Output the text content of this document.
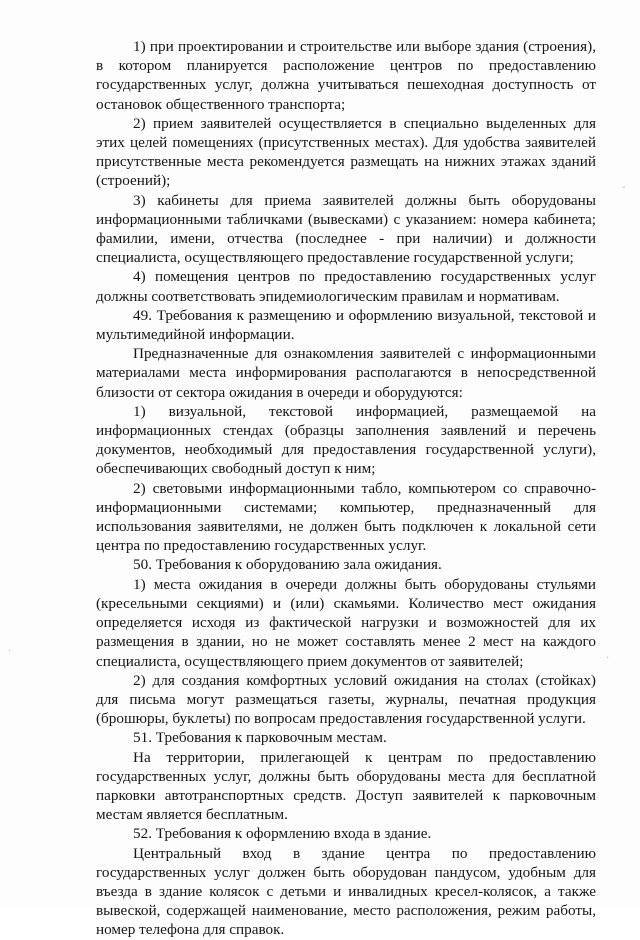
1) при проектировании и строительстве или выборе здания (строения), в котором планируется расположение центров по предоставлению государственных услуг, должна учитываться пешеходная доступность от остановок общественного транспорта;

2) прием заявителей осуществляется в специально выделенных для этих целей помещениях (присутственных местах). Для удобства заявителей присутственные места рекомендуется размещать на нижних этажах зданий (строений);

3) кабинеты для приема заявителей должны быть оборудованы информационными табличками (вывесками) с указанием: номера кабинета; фамилии, имени, отчества (последнее - при наличии) и должности специалиста, осуществляющего предоставление государственной услуги;

4) помещения центров по предоставлению государственных услуг должны соответствовать эпидемиологическим правилам и нормативам.

49. Требования к размещению и оформлению визуальной, текстовой и мультимедийной информации.

Предназначенные для ознакомления заявителей с информационными материалами места информирования располагаются в непосредственной близости от сектора ожидания в очереди и оборудуются:

1) визуальной, текстовой информацией, размещаемой на информационных стендах (образцы заполнения заявлений и перечень документов, необходимый для предоставления государственной услуги), обеспечивающих свободный доступ к ним;

2) световыми информационными табло, компьютером со справочно-информационными системами; компьютер, предназначенный для использования заявителями, не должен быть подключен к локальной сети центра по предоставлению государственных услуг.

50. Требования к оборудованию зала ожидания.

1) места ожидания в очереди должны быть оборудованы стульями (кресельными секциями) и (или) скамьями. Количество мест ожидания определяется исходя из фактической нагрузки и возможностей для их размещения в здании, но не может составлять менее 2 мест на каждого специалиста, осуществляющего прием документов от заявителей;

2) для создания комфортных условий ожидания на столах (стойках) для письма могут размещаться газеты, журналы, печатная продукция (брошюры, буклеты) по вопросам предоставления государственной услуги.

51. Требования к парковочным местам.

На территории, прилегающей к центрам по предоставлению государственных услуг, должны быть оборудованы места для бесплатной парковки автотранспортных средств. Доступ заявителей к парковочным местам является бесплатным.

52. Требования к оформлению входа в здание.

Центральный вход в здание центра по предоставлению государственных услуг должен быть оборудован пандусом, удобным для въезда в здание колясок с детьми и инвалидных кресел-колясок, а также вывеской, содержащей наименование, место расположения, режим работы, номер телефона для справок.

-
.
·
